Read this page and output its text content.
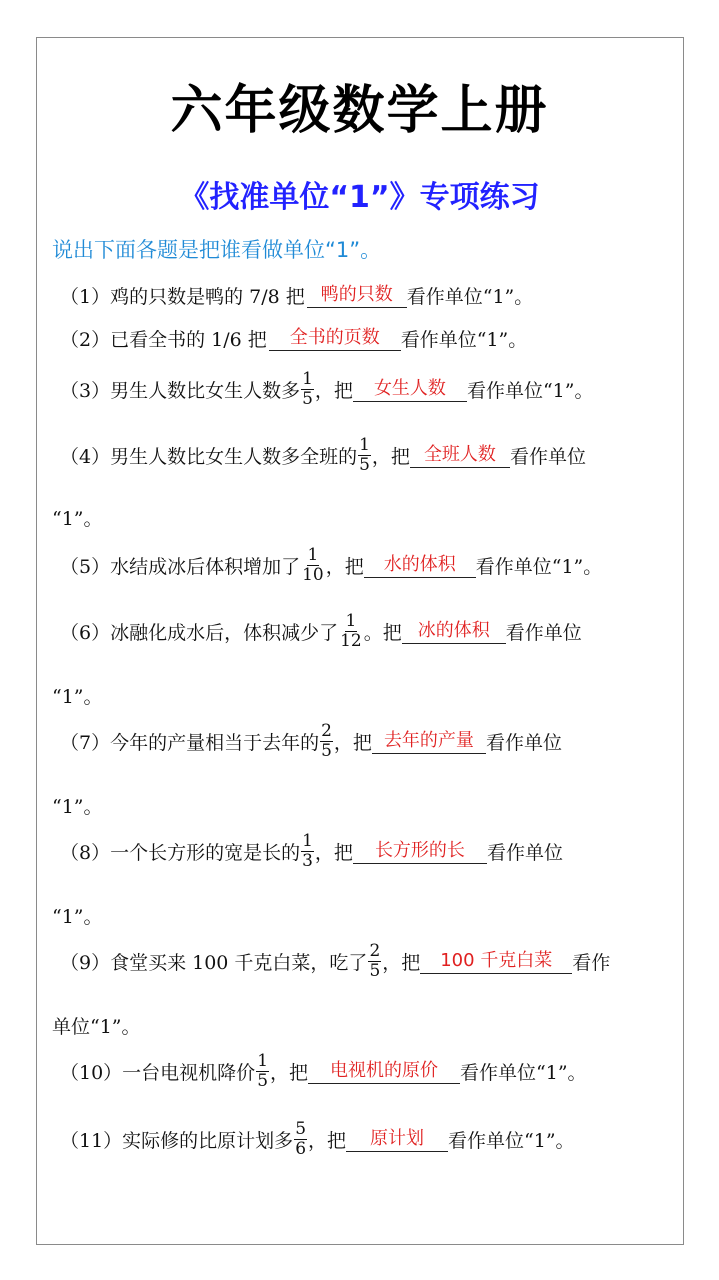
六年级数学上册
《找准单位“1”》专项练习
说出下面各题是把谁看做单位“1”。
（1）鸡的只数是鸭的 7/8 把 鸭的只数 看作单位“1”。
（2）已看全书的 1/6 把	全书的页数	看作单位“1”。
（3）男生人数比女生人数多 $\frac{1}{5}$ ，把	女生人数	看作单位“1”。
（4）男生人数比女生人数多全班的 $\frac{1}{5}$ ，把 全班人数 看作单位
“1”。
（5）水结成冰后体积增加了 $\frac{1}{10}$ ，把	水的体积	看作单位“1”。
（6）冰融化成水后，体积减少了 $\frac{1}{12}$ 。把 冰的体积 看作单位
“1”。
（7）今年的产量相当于去年的 $\frac{2}{5}$ ，把 去年的产量 看作单位
“1”。
（8）一个长方形的宽是长的 $\frac{1}{3}$ ，把	长方形的长	看作单位
“1”。
（9）食堂买来 100 千克白菜，吃了 $\frac{2}{5}$ ，把	100 千克白菜	看作
单位“1”。
（10）一台电视机降价 $\frac{1}{5}$ ，把	电视机的原价	看作单位“1”。
（11）实际修的比原计划多 $\frac{5}{6}$ ，把	原计划	看作单位“1”。
